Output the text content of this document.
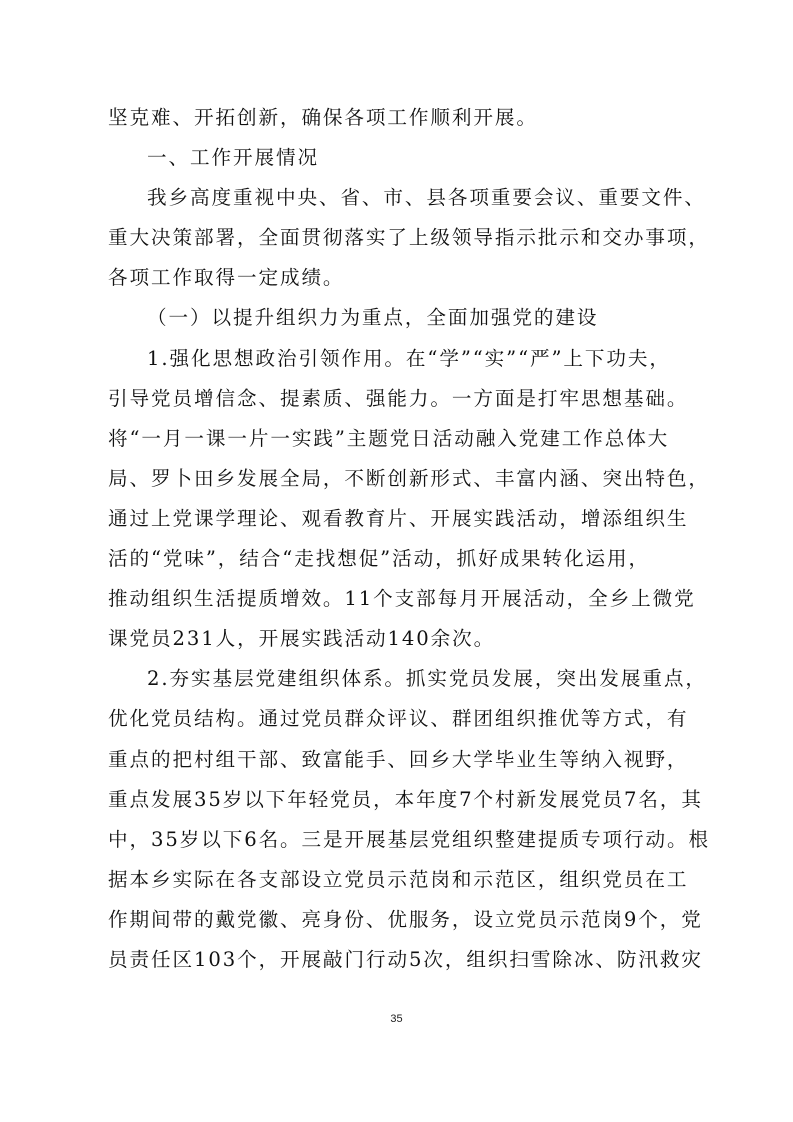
坚克难、开拓创新，确保各项工作顺利开展。
一、工作开展情况
我乡高度重视中央、省、市、县各项重要会议、重要文件、
重大决策部署，全面贯彻落实了上级领导指示批示和交办事项，
各项工作取得一定成绩。
（一）以提升组织力为重点，全面加强党的建设
1.强化思想政治引领作用。在“学”“实”“严”上下功夫，
引导党员增信念、提素质、强能力。一方面是打牢思想基础。
将“一月一课一片一实践”主题党日活动融入党建工作总体大
局、罗卜田乡发展全局，不断创新形式、丰富内涵、突出特色，
通过上党课学理论、观看教育片、开展实践活动，增添组织生
活的“党味”，结合“走找想促”活动，抓好成果转化运用，
推动组织生活提质增效。11个支部每月开展活动，全乡上微党
课党员231人，开展实践活动140余次。
2.夯实基层党建组织体系。抓实党员发展，突出发展重点，
优化党员结构。通过党员群众评议、群团组织推优等方式，有
重点的把村组干部、致富能手、回乡大学毕业生等纳入视野，
重点发展35岁以下年轻党员，本年度7个村新发展党员7名，其
中，35岁以下6名。三是开展基层党组织整建提质专项行动。根
据本乡实际在各支部设立党员示范岗和示范区，组织党员在工
作期间带的戴党徽、亮身份、优服务，设立党员示范岗9个，党
员责任区103个，开展敲门行动5次，组织扫雪除冰、防汛救灾
35
